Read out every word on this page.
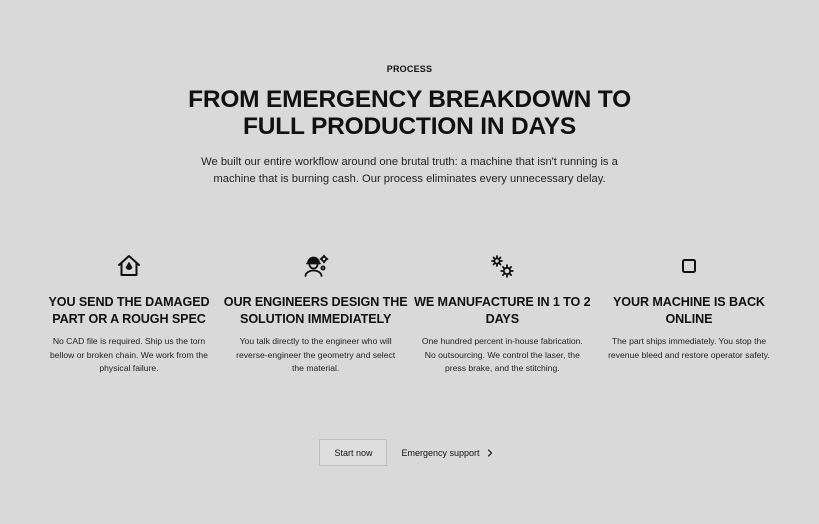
PROCESS
FROM EMERGENCY BREAKDOWN TO FULL PRODUCTION IN DAYS

We built our entire workflow around one brutal truth: a machine that isn't running is a machine that is burning cash. Our process eliminates every unnecessary delay.

YOU SEND THE DAMAGED PART OR A ROUGH SPEC

No CAD file is required. Ship us the torn bellow or broken chain. We work from the physical failure.

OUR ENGINEERS DESIGN THE SOLUTION IMMEDIATELY

You talk directly to the engineer who will reverse-engineer the geometry and select the material.

WE MANUFACTURE IN 1 TO 2 DAYS

One hundred percent in-house fabrication. No outsourcing. We control the laser, the press brake, and the stitching.

YOUR MACHINE IS BACK ONLINE

The part ships immediately. You stop the revenue bleed and restore operator safety.

Start now	Emergency support
